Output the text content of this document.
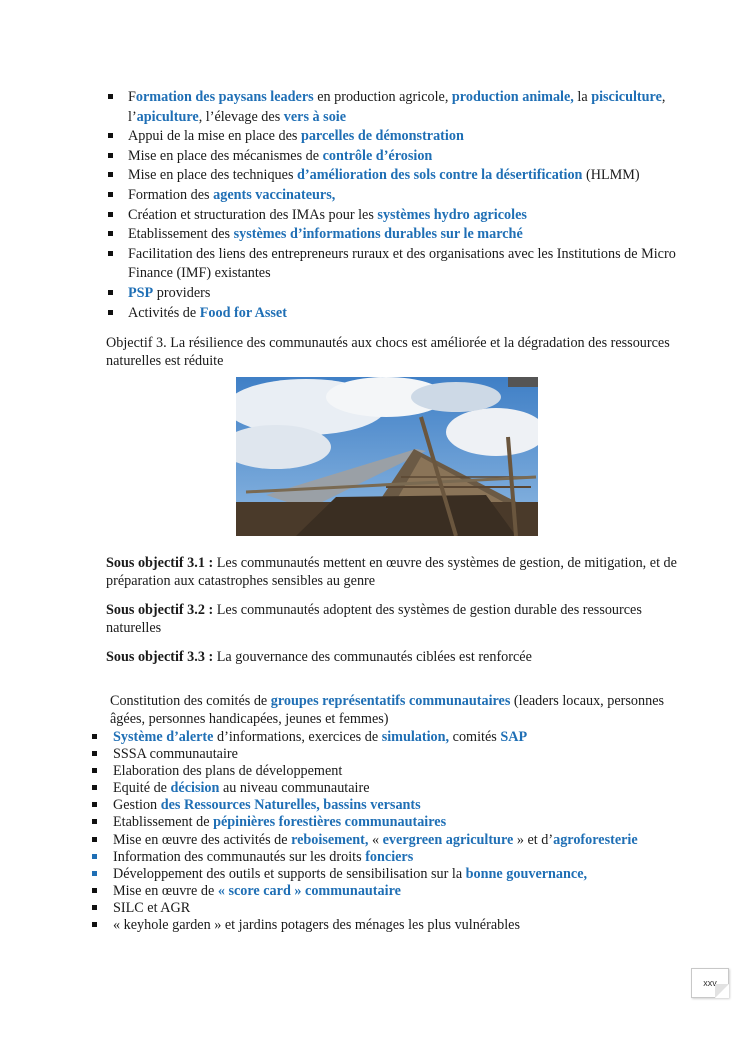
Formation des paysans leaders en production agricole, production animale, la pisciculture, l’apiculture, l’élevage des vers à soie
Appui de la mise en place des parcelles de démonstration
Mise en place des mécanismes de contrôle d’érosion
Mise en place des techniques d’amélioration des sols contre la désertification (HLMM)
Formation des agents vaccinateurs,
Création et structuration des IMAs pour les systèmes hydro agricoles
Etablissement des systèmes d’informations durables sur le marché
Facilitation des liens des entrepreneurs ruraux et des organisations avec les Institutions de Micro Finance (IMF) existantes
PSP providers
Activités de Food for Asset

Objectif 3. La résilience des communautés aux chocs est améliorée et la dégradation des ressources naturelles est réduite

Sous objectif 3.1 : Les communautés mettent en œuvre des systèmes de gestion, de mitigation, et de préparation aux catastrophes sensibles au genre

Sous objectif 3.2 : Les communautés adoptent des systèmes de gestion durable des ressources naturelles

Sous objectif 3.3 : La gouvernance des communautés ciblées est renforcée

Constitution des comités de groupes représentatifs communautaires (leaders locaux, personnes âgées, personnes handicapées, jeunes et femmes)

Système d’alerte d’informations, exercices de simulation, comités SAP
SSSA communautaire
Elaboration des plans de développement
Equité de décision au niveau communautaire
Gestion des Ressources Naturelles, bassins versants
Etablissement de pépinières forestières communautaires
Mise en œuvre des activités de reboisement, « evergreen agriculture » et d’agroforesterie
Information des communautés sur les droits fonciers
Développement des outils et supports de sensibilisation sur la bonne gouvernance,
Mise en œuvre de « score card » communautaire
SILC et AGR
« keyhole garden » et jardins potagers des ménages les plus vulnérables
xxv
